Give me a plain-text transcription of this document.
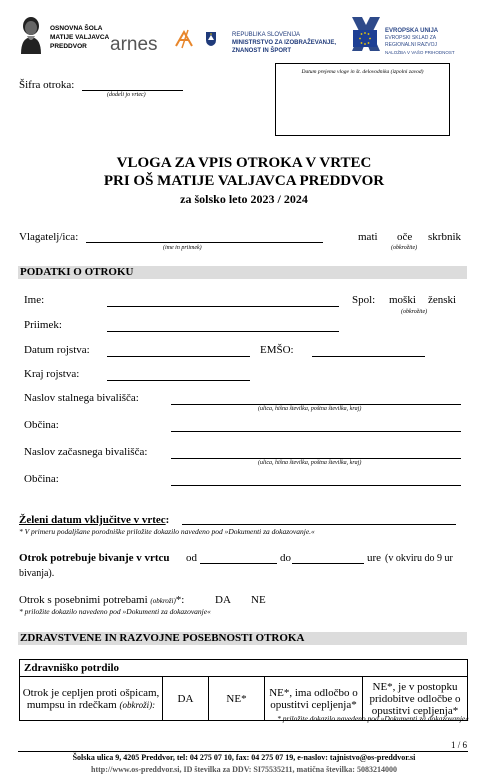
OSNOVNA ŠOLA
MATIJE VALJAVCA
PREDDVOR	arnes	REPUBLIKA SLOVENIJA
MINISTRSTVO ZA IZOBRAŽEVANJE,
ZNANOST IN ŠPORT
EVROPSKA UNIJA
EVROPSKI SKLAD ZA
REGIONALNI RAZVOJ
NALOŽBA V VAŠO PRIHODNOST
Šifra otroka:
(dodeli jo vrtec)
Datum prejema vloge in št. delovodnika (izpolni zavod)
VLOGA ZA VPIS OTROKA V VRTEC
PRI OŠ MATIJE VALJAVCA PREDDVOR
za šolsko leto 2023 / 2024
Vlagatelj/ica:
(ime in priimek)
mati oče skrbnik
(obkrožite)
PODATKI O OTROKU
Ime:	Spol: moški ženski
(obkrožite)
Priimek:
Datum rojstva:	EMŠO:
Kraj rojstva:
Naslov stalnega bivališča:
(ulica, hišna številka, poštna številka, kraj)
Občina:
Naslov začasnega bivališča:
(ulica, hišna številka, poštna številka, kraj)
Občina:
Želeni datum vključitve v vrtec:
* V primeru podaljšane porodniške priložite dokazilo navedeno pod »Dokumenti za dokazovanje.«
Otrok potrebuje bivanje v vrtcu od	do	ure (v okviru do 9 ur
bivanja).
Otrok s posebnimi potrebami (obkroži)*:	DA NE
* priložite dokazilo navedeno pod »Dokumenti za dokazovanje«
ZDRAVSTVENE IN RAZVOJNE POSEBNOSTI OTROKA
Zdravniško potrdilo
Otrok je cepljen proti ošpicam, mumpsu in rdečkam (obkroži):	DA	NE*	NE*, ima odločbo o opustitvi cepljenja*	NE*, je v postopku pridobitve odločbe o opustitvi cepljenja*
* priložite dokazilo navedeno pod »Dokumenti za dokazovanje«
1 / 6
Šolska ulica 9, 4205 Preddvor, tel: 04 275 07 10, fax: 04 275 07 19, e-naslov: tajnistvo@os-preddvor.si
http://www.os-preddvor.si, ID številka za DDV: SI75535211, matična številka: 5083214000
